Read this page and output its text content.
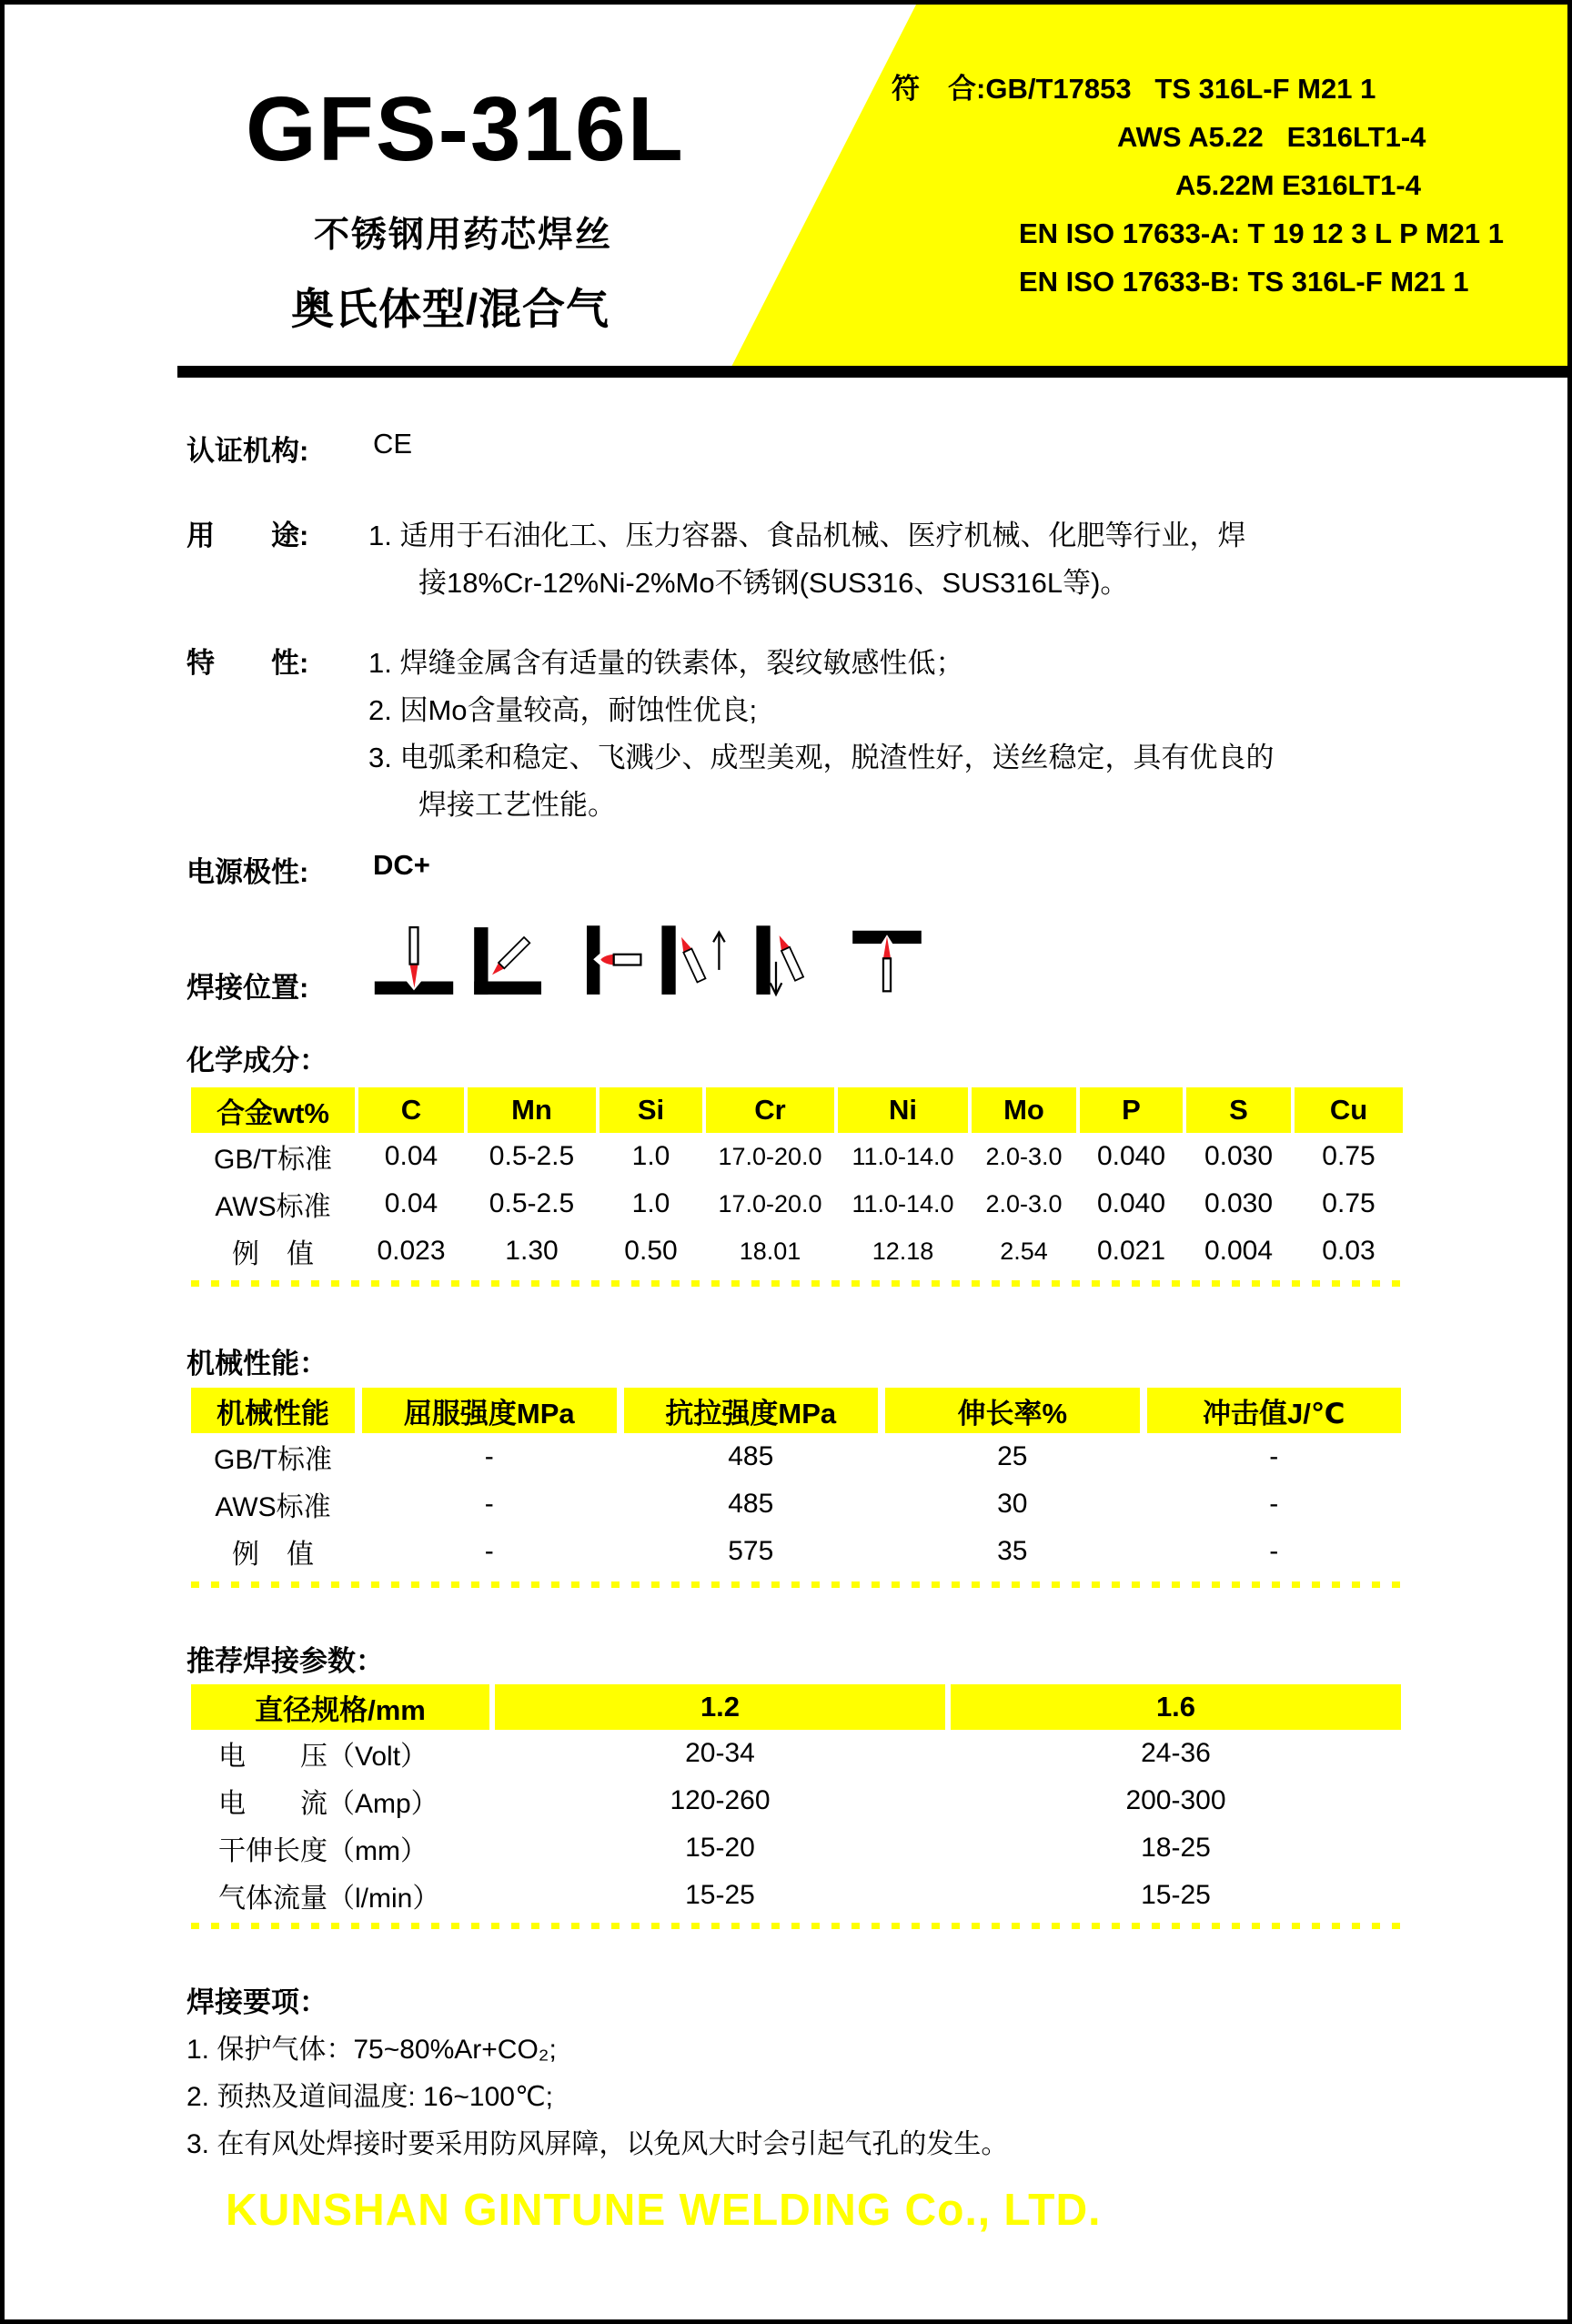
GFS-316L
不锈钢用药芯焊丝
奥氏体型/混合气
符　合:GB/T17853   TS 316L-F M21 1
AWS A5.22   E316LT1-4
A5.22M E316LT1-4
EN ISO 17633-A: T 19 12 3 L P M21 1
EN ISO 17633-B: TS 316L-F M21 1
认证机构: CE
用　　途: 1. 适用于石油化工、压力容器、食品机械、医疗机械、化肥等行业，焊
接18%Cr-12%Ni-2%Mo不锈钢(SUS316、SUS316L等)。
特　　性: 1. 焊缝金属含有适量的铁素体，裂纹敏感性低；
2. 因Mo含量较高，耐蚀性优良;
3. 电弧柔和稳定、飞溅少、成型美观，脱渣性好，送丝稳定，具有优良的
焊接工艺性能。
电源极性: DC+
焊接位置:
化学成分：
合金wt%	C	Mn	Si	Cr	Ni	Mo	P	S	Cu
GB/T标准	0.04	0.5-2.5	1.0	17.0-20.0	11.0-14.0	2.0-3.0	0.040	0.030	0.75
AWS标准	0.04	0.5-2.5	1.0	17.0-20.0	11.0-14.0	2.0-3.0	0.040	0.030	0.75
例　值	0.023	1.30	0.50	18.01	12.18	2.54	0.021	0.004	0.03
机械性能：
机械性能	屈服强度MPa	抗拉强度MPa	伸长率%	冲击值J/℃
GB/T标准	-	485	25	-
AWS标准	-	485	30	-
例　值	-	575	35	-
推荐焊接参数：
直径规格/mm	1.2	1.6
电　　压（Volt）	20-34	24-36
电　　流（Amp）	120-260	200-300
干伸长度（mm）	15-20	18-25
气体流量（l/min）	15-25	15-25
焊接要项：
1. 保护气体：75~80%Ar+CO₂;
2. 预热及道间温度: 16~100℃;
3. 在有风处焊接时要采用防风屏障，以免风大时会引起气孔的发生。
KUNSHAN GINTUNE WELDING Co., LTD.
